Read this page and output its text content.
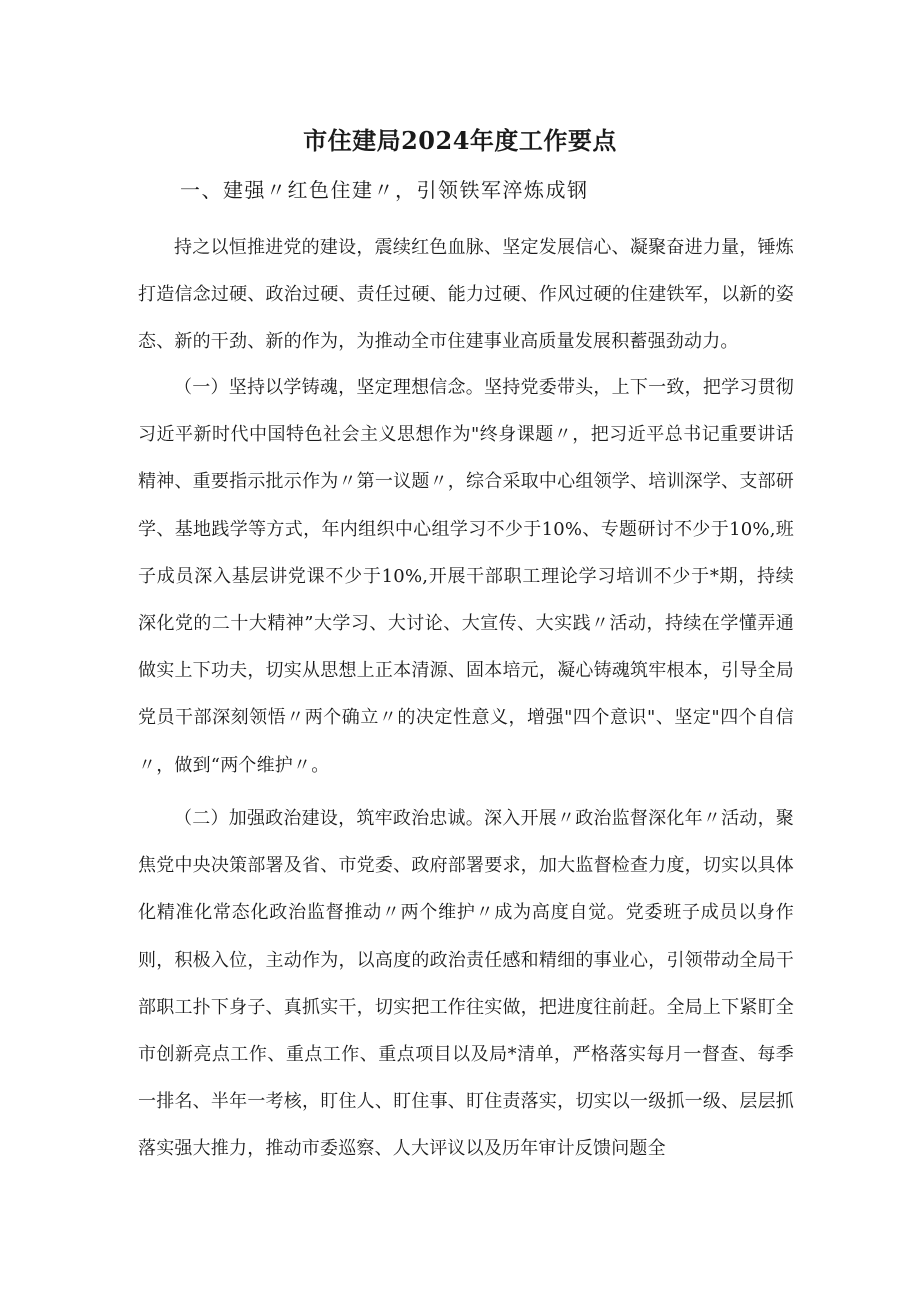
市住建局2024年度工作要点
一、建强〃红色住建〃，引领铁军淬炼成钢
持之以恒推进党的建设，震续红色血脉、坚定发展信心、凝聚奋进力量，锤炼打造信念过硬、政治过硬、责任过硬、能力过硬、作风过硬的住建铁军，以新的姿态、新的干劲、新的作为，为推动全市住建事业高质量发展积蓄强劲动力。
（一）坚持以学铸魂，坚定理想信念。坚持党委带头，上下一致，把学习贯彻习近平新时代中国特色社会主义思想作为"终身课题〃，把习近平总书记重要讲话精神、重要指示批示作为〃第一议题〃，综合采取中心组领学、培训深学、支部研学、基地践学等方式，年内组织中心组学习不少于10%、专题研讨不少于10%,班子成员深入基层讲党课不少于10%,开展干部职工理论学习培训不少于*期，持续深化党的二十大精神”大学习、大讨论、大宣传、大实践〃活动，持续在学懂弄通做实上下功夫，切实从思想上正本清源、固本培元，凝心铸魂筑牢根本，引导全局党员干部深刻领悟〃两个确立〃的决定性意义，增强"四个意识"、坚定"四个自信〃，做到“两个维护〃。
（二）加强政治建设，筑牢政治忠诚。深入开展〃政治监督深化年〃活动，聚焦党中央决策部署及省、市党委、政府部署要求，加大监督检查力度，切实以具体化精准化常态化政治监督推动〃两个维护〃成为高度自觉。党委班子成员以身作则，积极入位，主动作为，以高度的政治责任感和精细的事业心，引领带动全局干部职工扑下身子、真抓实干，切实把工作往实做，把进度往前赶。全局上下紧盯全市创新亮点工作、重点工作、重点项目以及局*清单，严格落实每月一督查、每季一排名、半年一考核，盯住人、盯住事、盯住责落实，切实以一级抓一级、层层抓落实强大推力，推动市委巡察、人大评议以及历年审计反馈问题全
